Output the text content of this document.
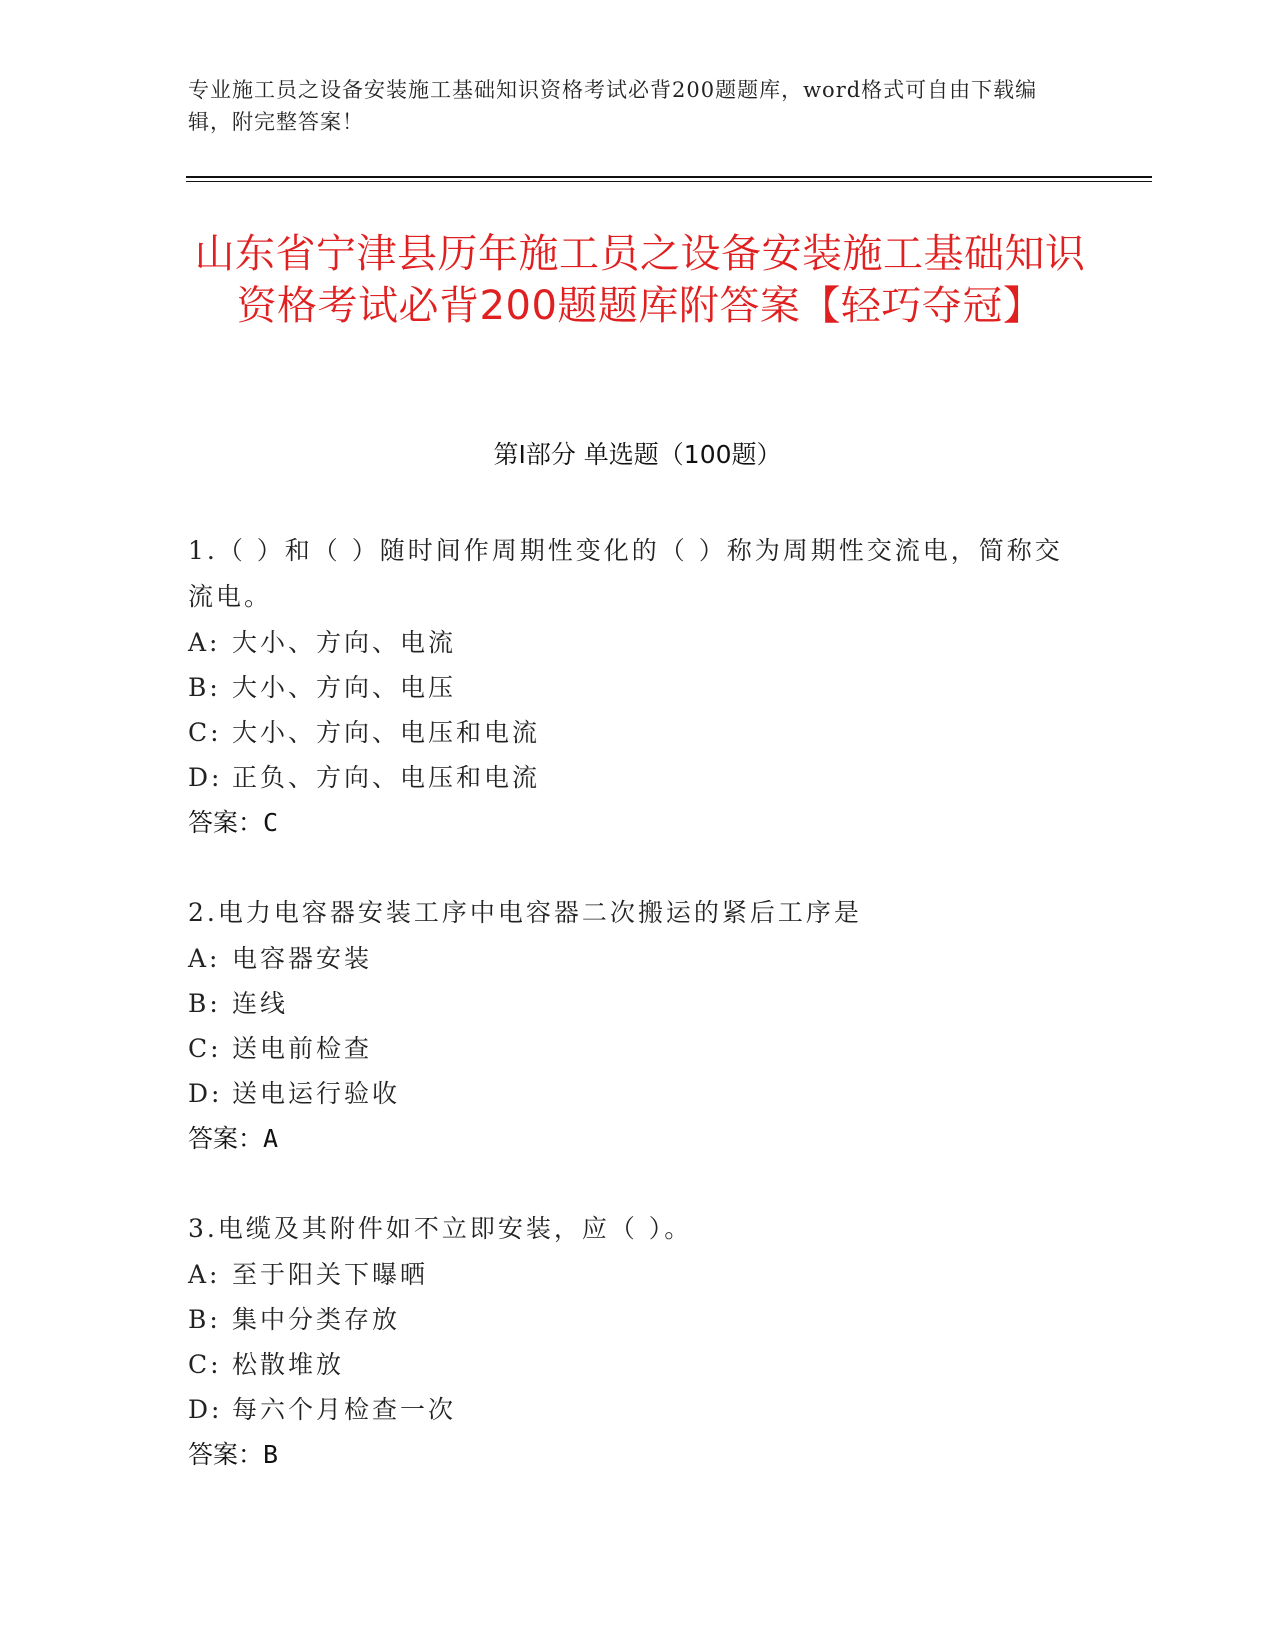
专业施工员之设备安装施工基础知识资格考试必背200题题库，word格式可自由下载编辑，附完整答案！
山东省宁津县历年施工员之设备安装施工基础知识资格考试必背200题题库附答案【轻巧夺冠】
第Ⅰ部分 单选题（100题）
1.（ ）和（ ）随时间作周期性变化的（ ）称为周期性交流电，简称交流电。
A: 大小、方向、电流
B: 大小、方向、电压
C: 大小、方向、电压和电流
D: 正负、方向、电压和电流
答案：C
2.电力电容器安装工序中电容器二次搬运的紧后工序是
A: 电容器安装
B: 连线
C: 送电前检查
D: 送电运行验收
答案：A
3.电缆及其附件如不立即安装，应（ ）。
A: 至于阳关下曝晒
B: 集中分类存放
C: 松散堆放
D: 每六个月检查一次
答案：B
